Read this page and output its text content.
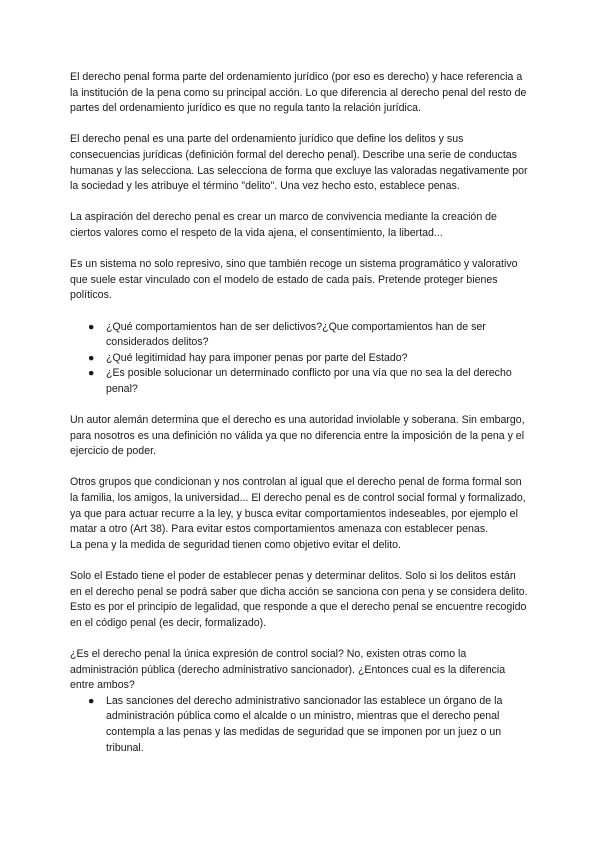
El derecho penal forma parte del ordenamiento jurídico (por eso es derecho) y hace referencia a la institución de la pena como su principal acción. Lo que diferencia al derecho penal del resto de partes del ordenamiento jurídico es que no regula tanto la relación jurídica.

El derecho penal es una parte del ordenamiento jurídico que define los delitos y sus consecuencias jurídicas (definición formal del derecho penal). Describe una serie de conductas humanas y las selecciona. Las selecciona de forma que excluye las valoradas negativamente por la sociedad y les atribuye el término "delito". Una vez hecho esto, establece penas.

La aspiración del derecho penal es crear un marco de convivencia mediante la creación de ciertos valores como el respeto de la vida ajena, el consentimiento, la libertad...

Es un sistema no solo represivo, sino que también recoge un sistema programático y valorativo que suele estar vinculado con el modelo de estado de cada país. Pretende proteger bienes políticos.

● ¿Qué comportamientos han de ser delictivos?¿Que comportamientos han de ser considerados delitos?
● ¿Qué legitimidad hay para imponer penas por parte del Estado?
● ¿Es posible solucionar un determinado conflicto por una vía que no sea la del derecho penal?

Un autor alemán determina que el derecho es una autoridad inviolable y soberana. Sin embargo, para nosotros es una definición no válida ya que no diferencia entre la imposición de la pena y el ejercicio de poder.

Otros grupos que condicionan y nos controlan al igual que el derecho penal de forma formal son la familia, los amigos, la universidad... El derecho penal es de control social formal y formalizado, ya que para actuar recurre a la ley, y busca evitar comportamientos indeseables, por ejemplo el matar a otro (Art 38). Para evitar estos comportamientos amenaza con establecer penas.

La pena y la medida de seguridad tienen como objetivo evitar el delito.

Solo el Estado tiene el poder de establecer penas y determinar delitos. Solo si los delitos están en el derecho penal se podrá saber que dicha acción se sanciona con pena y se considera delito. Esto es por el principio de legalidad, que responde a que el derecho penal se encuentre recogido en el código penal (es decir, formalizado).

¿Es el derecho penal la única expresión de control social? No, existen otras como la administración pública (derecho administrativo sancionador). ¿Entonces cual es la diferencia entre ambos?

● Las sanciones del derecho administrativo sancionador las establece un órgano de la administración pública como el alcalde o un ministro, mientras que el derecho penal contempla a las penas y las medidas de seguridad que se imponen por un juez o un tribunal.
